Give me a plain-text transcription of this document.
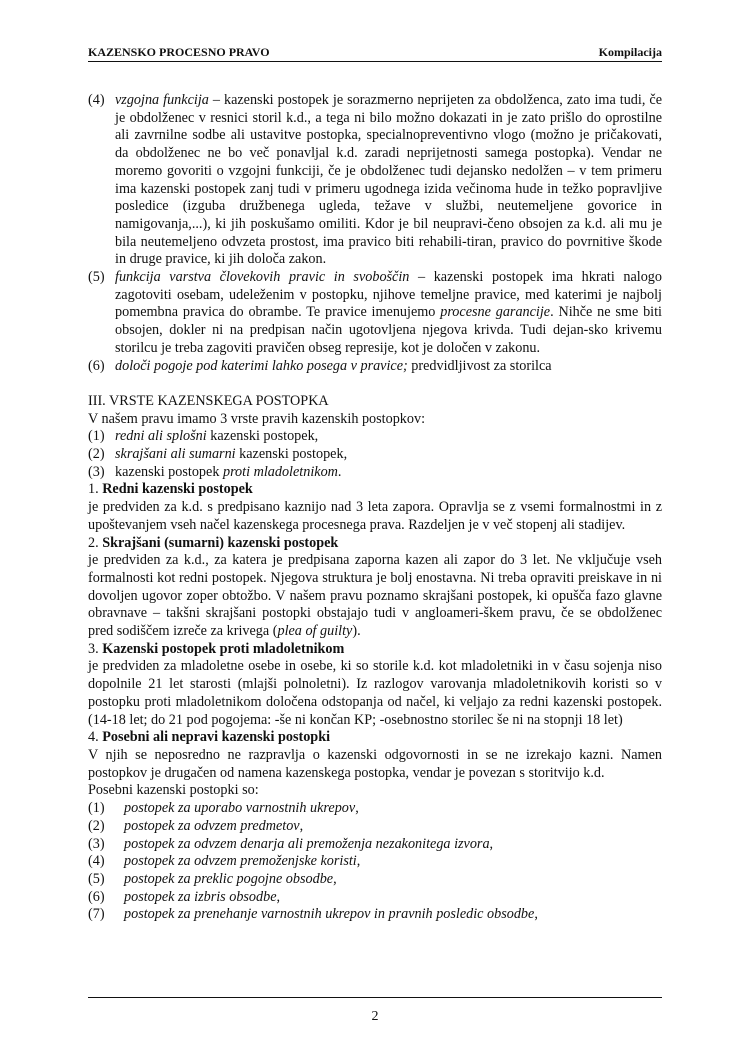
KAZENSKO PROCESNO PRAVO	Kompilacija
(4) vzgojna funkcija – kazenski postopek je sorazmerno neprijeten za obdolženca, zato ima tudi, če je obdolženec v resnici storil k.d., a tega ni bilo možno dokazati in je zato prišlo do oprostilne ali zavrnilne sodbe ali ustavitve postopka, specialnopreventivno vlogo (možno je pričakovati, da obdolženec ne bo več ponavljal k.d. zaradi neprijetnosti samega postopka). Vendar ne moremo govoriti o vzgojni funkciji, če je obdolženec tudi dejansko nedolžen – v tem primeru ima kazenski postopek zanj tudi v primeru ugodnega izida večinoma hude in težko popravljive posledice (izguba družbenega ugleda, težave v službi, neutemeljene govorice in namigovanja,...), ki jih poskušamo omiliti. Kdor je bil neupravi-čeno obsojen za k.d. ali mu je bila neutemeljeno odvzeta prostost, ima pravico biti rehabili-tiran, pravico do povrnitive škode in druge pravice, ki jih določa zakon.
(5) funkcija varstva človekovih pravic in svoboščin – kazenski postopek ima hkrati nalogo zagotoviti osebam, udeleženim v postopku, njihove temeljne pravice, med katerimi je najbolj pomembna pravica do obrambe. Te pravice imenujemo procesne garancije. Nihče ne sme biti obsojen, dokler ni na predpisan način ugotovljena njegova krivda. Tudi dejan-sko krivemu storilcu je treba zagoviti pravičen obseg represije, kot je določen v zakonu.
(6) določi pogoje pod katerimi lahko posega v pravice; predvidljivost za storilca

III. VRSTE KAZENSKEGA POSTOPKA

V našem pravu imamo 3 vrste pravih kazenskih postopkov:

(1) redni ali splošni kazenski postopek,
(2) skrajšani ali sumarni kazenski postopek,
(3) kazenski postopek proti mladoletnikom.

1. Redni kazenski postopek

je predviden za k.d. s predpisano kaznijo nad 3 leta zapora. Opravlja se z vsemi formalnostmi in z upoštevanjem vseh načel kazenskega procesnega prava. Razdeljen je v več stopenj ali stadijev.

2. Skrajšani (sumarni) kazenski postopek

je predviden za k.d., za katera je predpisana zaporna kazen ali zapor do 3 let. Ne vključuje vseh formalnosti kot redni postopek. Njegova struktura je bolj enostavna. Ni treba opraviti preiskave in ni dovoljen ugovor zoper obtožbo. V našem pravu poznamo skrajšani postopek, ki opušča fazo glavne obravnave – takšni skrajšani postopki obstajajo tudi v angloameri-škem pravu, če se obdolženec pred sodiščem izreče za krivega (plea of guilty).

3. Kazenski postopek proti mladoletnikom

je predviden za mladoletne osebe in osebe, ki so storile k.d. kot mladoletniki in v času sojenja niso dopolnile 21 let starosti (mlajši polnoletni). Iz razlogov varovanja mladoletnikovih koristi so v postopku proti mladoletnikom določena odstopanja od načel, ki veljajo za redni kazenski postopek. (14-18 let; do 21 pod pogojema: -še ni končan KP; -osebnostno storilec še ni na stopnji 18 let)

4. Posebni ali nepravi kazenski postopki

V njih se neposredno ne razpravlja o kazenski odgovornosti in se ne izrekajo kazni. Namen postopkov je drugačen od namena kazenskega postopka, vendar je povezan s storitvijo k.d.

Posebni kazenski postopki so:

(1)	postopek za uporabo varnostnih ukrepov,
(2)	postopek za odvzem predmetov,
(3)	postopek za odvzem denarja ali premoženja nezakonitega izvora,
(4)	postopek za odvzem premoženjske koristi,
(5)	postopek za preklic pogojne obsodbe,
(6)	postopek za izbris obsodbe,
(7)	postopek za prenehanje varnostnih ukrepov in pravnih posledic obsodbe,
2
